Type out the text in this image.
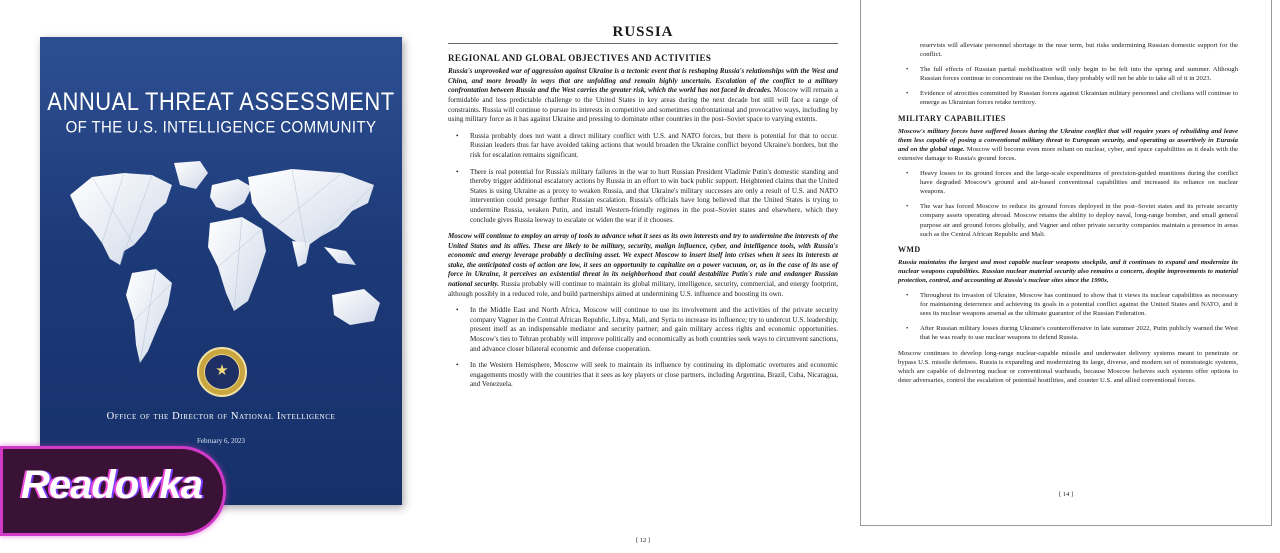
ANNUAL THREAT ASSESSMENT
OF THE U.S. INTELLIGENCE COMMUNITY
★
Office of the Director of National Intelligence
February 6, 2023
Readovka
RUSSIA
REGIONAL AND GLOBAL OBJECTIVES AND ACTIVITIES

Russia's unprovoked war of aggression against Ukraine is a tectonic event that is reshaping Russia's relationships with the West and China, and more broadly in ways that are unfolding and remain highly uncertain. Escalation of the conflict to a military confrontation between Russia and the West carries the greater risk, which the world has not faced in decades. Moscow will remain a formidable and less predictable challenge to the United States in key areas during the next decade but still will face a range of constraints. Russia will continue to pursue its interests in competitive and sometimes confrontational and provocative ways, including by using military force as it has against Ukraine and pressing to dominate other countries in the post–Soviet space to varying extents.

• Russia probably does not want a direct military conflict with U.S. and NATO forces, but there is potential for that to occur. Russian leaders thus far have avoided taking actions that would broaden the Ukraine conflict beyond Ukraine's borders, but the risk for escalation remains significant.
• There is real potential for Russia's military failures in the war to hurt Russian President Vladimir Putin's domestic standing and thereby trigger additional escalatory actions by Russia in an effort to win back public support. Heightened claims that the United States is using Ukraine as a proxy to weaken Russia, and that Ukraine's military successes are only a result of U.S. and NATO intervention could presage further Russian escalation. Russia's officials have long believed that the United States is trying to undermine Russia, weaken Putin, and install Western-friendly regimes in the post–Soviet states and elsewhere, which they conclude gives Russia leeway to escalate or widen the war if it chooses.

Moscow will continue to employ an array of tools to advance what it sees as its own interests and try to undermine the interests of the United States and its allies. These are likely to be military, security, malign influence, cyber, and intelligence tools, with Russia's economic and energy leverage probably a declining asset. We expect Moscow to insert itself into crises when it sees its interests at stake, the anticipated costs of action are low, it sees an opportunity to capitalize on a power vacuum, or, as in the case of its use of force in Ukraine, it perceives an existential threat in its neighborhood that could destabilize Putin's rule and endanger Russian national security. Russia probably will continue to maintain its global military, intelligence, security, commercial, and energy footprint, although possibly in a reduced role, and build partnerships aimed at undermining U.S. influence and boosting its own.

• In the Middle East and North Africa, Moscow will continue to use its involvement and the activities of the private security company Vagner in the Central African Republic, Libya, Mali, and Syria to increase its influence; try to undercut U.S. leadership; present itself as an indispensable mediator and security partner; and gain military access rights and economic opportunities. Moscow's ties to Tehran probably will improve politically and economically as both countries seek ways to circumvent sanctions, and advance closer bilateral economic and defense cooperation.
• In the Western Hemisphere, Moscow will seek to maintain its influence by continuing its diplomatic overtures and economic engagements mostly with the countries that it sees as key players or close partners, including Argentina, Brazil, Cuba, Nicaragua, and Venezuela.
[ 12 ]

reservists will alleviate personnel shortage in the near term, but risks undermining Russian domestic support for the conflict.

• The full effects of Russian partial mobilization will only begin to be felt into the spring and summer. Although Russian forces continue to concentrate on the Donbas, they probably will not be able to take all of it in 2023.
• Evidence of atrocities committed by Russian forces against Ukrainian military personnel and civilians will continue to emerge as Ukrainian forces retake territory.
MILITARY CAPABILITIES

Moscow's military forces have suffered losses during the Ukraine conflict that will require years of rebuilding and leave them less capable of posing a conventional military threat to European security, and operating as assertively in Eurasia and on the global stage. Moscow will become even more reliant on nuclear, cyber, and space capabilities as it deals with the extensive damage to Russia's ground forces.

• Heavy losses to its ground forces and the large-scale expenditures of precision-guided munitions during the conflict have degraded Moscow's ground and air-based conventional capabilities and increased its reliance on nuclear weapons.
• The war has forced Moscow to reduce its ground forces deployed in the post–Soviet states and its private security company assets operating abroad. Moscow retains the ability to deploy naval, long-range bomber, and small general purpose air and ground forces globally, and Vagner and other private security companies maintain a presence in areas such as the Central African Republic and Mali.
WMD

Russia maintains the largest and most capable nuclear weapons stockpile, and it continues to expand and modernize its nuclear weapons capabilities. Russian nuclear material security also remains a concern, despite improvements to material protection, control, and accounting at Russia's nuclear sites since the 1990s.

• Throughout its invasion of Ukraine, Moscow has continued to show that it views its nuclear capabilities as necessary for maintaining deterrence and achieving its goals in a potential conflict against the United States and NATO, and it sees its nuclear weapons arsenal as the ultimate guarantor of the Russian Federation.
• After Russian military losses during Ukraine's counteroffensive in late summer 2022, Putin publicly warned the West that he was ready to use nuclear weapons to defend Russia.

Moscow continues to develop long-range nuclear-capable missile and underwater delivery systems meant to penetrate or bypass U.S. missile defenses. Russia is expanding and modernizing its large, diverse, and modern set of nonstrategic systems, which are capable of delivering nuclear or conventional warheads, because Moscow believes such systems offer options to deter adversaries, control the escalation of potential hostilities, and counter U.S. and allied conventional forces.

[ 14 ]
